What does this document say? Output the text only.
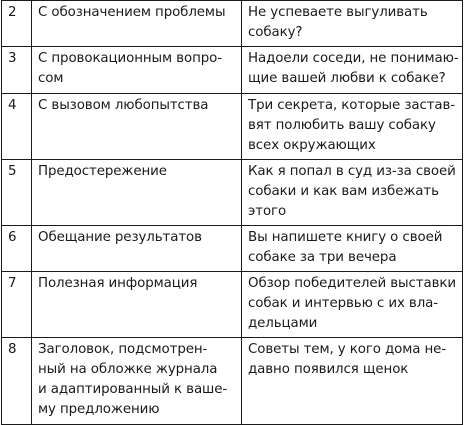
2	С обозначением проблемы	Не успеваете выгуливать
собаку?

3	С провокационным вопро-
сом	Надоели соседи, не понимаю-
щие вашей любви к собаке?

4	С вызовом любопытства	Три секрета, которые застав-
вят полюбить вашу собаку
всех окружающих

5	Предостережение	Как я попал в суд из-за своей
собаки и как вам избежать
этого

6	Обещание результатов	Вы напишете книгу о своей
собаке за три вечера

7	Полезная информация	Обзор победителей выставки
собак и интервью с их вла-
дельцами

8	Заголовок, подсмотрен-
ный на обложке журнала
и адаптированный к ваше-
му предложению	Советы тем, у кого дома не-
давно появился щенок
